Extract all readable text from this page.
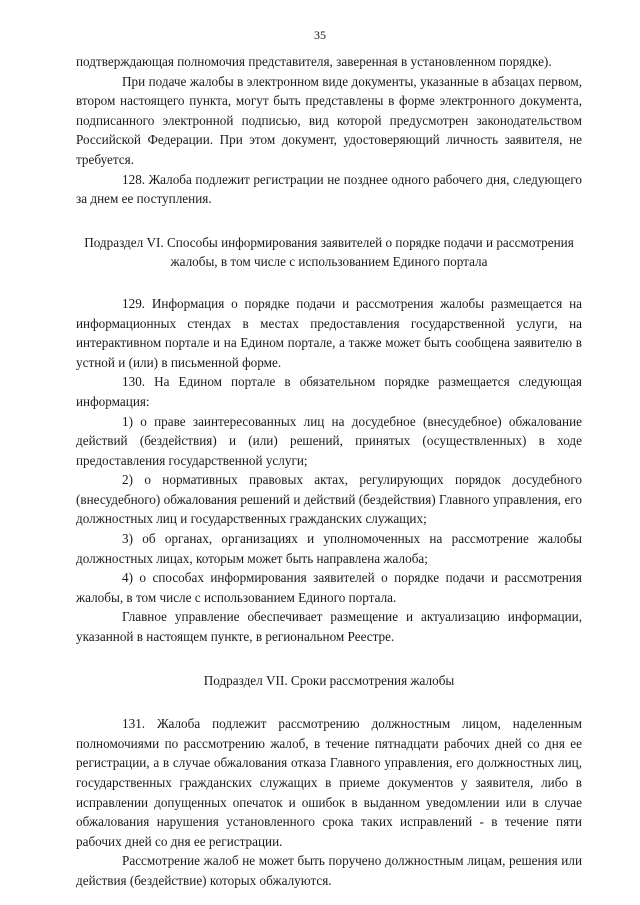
35

подтверждающая полномочия представителя, заверенная в установленном порядке).

При подаче жалобы в электронном виде документы, указанные в абзацах первом, втором настоящего пункта, могут быть представлены в форме электронного документа, подписанного электронной подписью, вид которой предусмотрен законодательством Российской Федерации. При этом документ, удостоверяющий личность заявителя, не требуется.

128. Жалоба подлежит регистрации не позднее одного рабочего дня, следующего за днем ее поступления.

Подраздел VI. Способы информирования заявителей о порядке подачи и рассмотрения жалобы, в том числе с использованием Единого портала

129. Информация о порядке подачи и рассмотрения жалобы размещается на информационных стендах в местах предоставления государственной услуги, на интерактивном портале и на Едином портале, а также может быть сообщена заявителю в устной и (или) в письменной форме.

130. На Едином портале в обязательном порядке размещается следующая информация:

1) о праве заинтересованных лиц на досудебное (внесудебное) обжалование действий (бездействия) и (или) решений, принятых (осуществленных) в ходе предоставления государственной услуги;

2) о нормативных правовых актах, регулирующих порядок досудебного (внесудебного) обжалования решений и действий (бездействия) Главного управления, его должностных лиц и государственных гражданских служащих;

3) об органах, организациях и уполномоченных на рассмотрение жалобы должностных лицах, которым может быть направлена жалоба;

4) о способах информирования заявителей о порядке подачи и рассмотрения жалобы, в том числе с использованием Единого портала.

Главное управление обеспечивает размещение и актуализацию информации, указанной в настоящем пункте, в региональном Реестре.

Подраздел VII. Сроки рассмотрения жалобы

131. Жалоба подлежит рассмотрению должностным лицом, наделенным полномочиями по рассмотрению жалоб, в течение пятнадцати рабочих дней со дня ее регистрации, а в случае обжалования отказа Главного управления, его должностных лиц, государственных гражданских служащих в приеме документов у заявителя, либо в исправлении допущенных опечаток и ошибок в выданном уведомлении или в случае обжалования нарушения установленного срока таких исправлений - в течение пяти рабочих дней со дня ее регистрации.

Рассмотрение жалоб не может быть поручено должностным лицам, решения или действия (бездействие) которых обжалуются.
